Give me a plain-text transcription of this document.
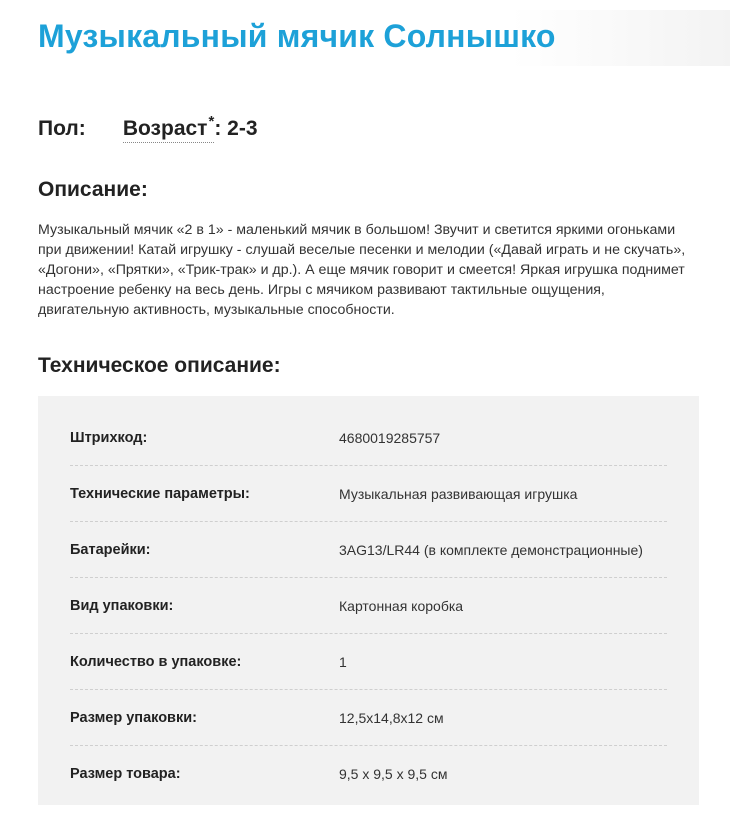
Музыкальный мячик Солнышко
Пол: Возраст*: 2-3
Описание:

Музыкальный мячик «2 в 1» - маленький мячик в большом! Звучит и светится яркими огоньками при движении! Катай игрушку - слушай веселые песенки и мелодии («Давай играть и не скучать», «Догони», «Прятки», «Трик-трак» и др.). А еще мячик говорит и смеется! Яркая игрушка поднимет настроение ребенку на весь день. Игры с мячиком развивают тактильные ощущения, двигательную активность, музыкальные способности.

Техническое описание:
Штрихкод:	4680019285757
Технические параметры:	Музыкальная развивающая игрушка
Батарейки:	3AG13/LR44 (в комплекте демонстрационные)
Вид упаковки:	Картонная коробка
Количество в упаковке:	1
Размер упаковки:	12,5x14,8x12 см
Размер товара:	9,5 x 9,5 x 9,5 см
